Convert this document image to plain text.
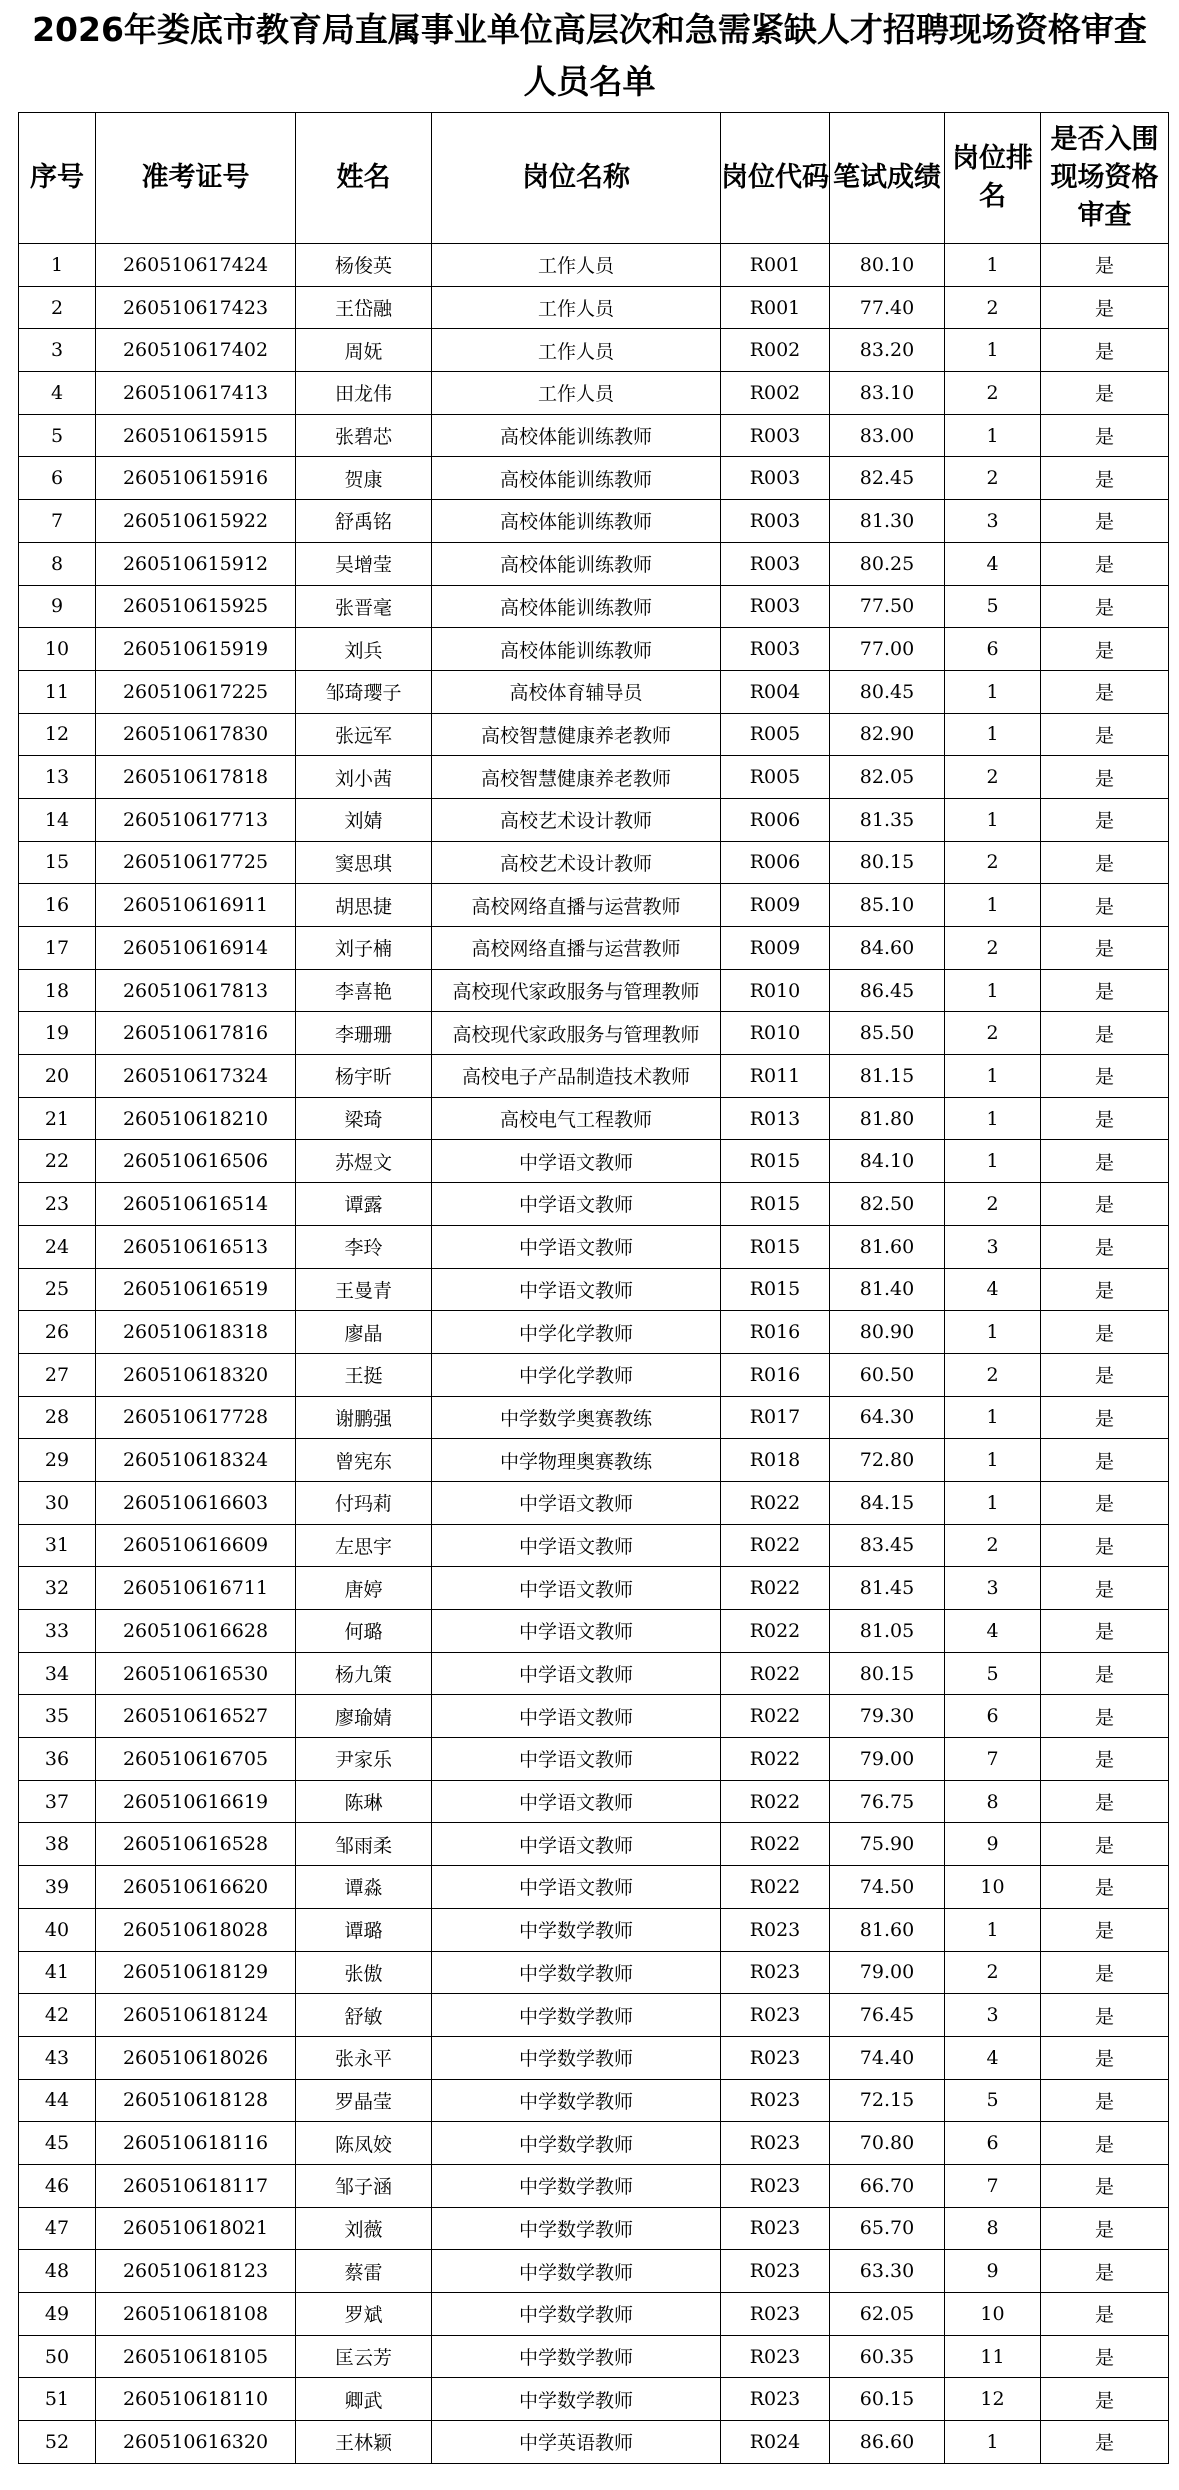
2026年娄底市教育局直属事业单位高层次和急需紧缺人才招聘现场资格审查
人员名单
序号	准考证号	姓名	岗位名称	岗位代码	笔试成绩	岗位排名	是否入围现场资格审查
1	260510617424	杨俊英	工作人员	R001	80.10	1	是
2	260510617423	王岱融	工作人员	R001	77.40	2	是
3	260510617402	周妩	工作人员	R002	83.20	1	是
4	260510617413	田龙伟	工作人员	R002	83.10	2	是
5	260510615915	张碧芯	高校体能训练教师	R003	83.00	1	是
6	260510615916	贺康	高校体能训练教师	R003	82.45	2	是
7	260510615922	舒禹铭	高校体能训练教师	R003	81.30	3	是
8	260510615912	吴增莹	高校体能训练教师	R003	80.25	4	是
9	260510615925	张晋毫	高校体能训练教师	R003	77.50	5	是
10	260510615919	刘兵	高校体能训练教师	R003	77.00	6	是
11	260510617225	邹琦璎子	高校体育辅导员	R004	80.45	1	是
12	260510617830	张远军	高校智慧健康养老教师	R005	82.90	1	是
13	260510617818	刘小茜	高校智慧健康养老教师	R005	82.05	2	是
14	260510617713	刘婧	高校艺术设计教师	R006	81.35	1	是
15	260510617725	窦思琪	高校艺术设计教师	R006	80.15	2	是
16	260510616911	胡思捷	高校网络直播与运营教师	R009	85.10	1	是
17	260510616914	刘子楠	高校网络直播与运营教师	R009	84.60	2	是
18	260510617813	李喜艳	高校现代家政服务与管理教师	R010	86.45	1	是
19	260510617816	李珊珊	高校现代家政服务与管理教师	R010	85.50	2	是
20	260510617324	杨宇昕	高校电子产品制造技术教师	R011	81.15	1	是
21	260510618210	梁琦	高校电气工程教师	R013	81.80	1	是
22	260510616506	苏煜文	中学语文教师	R015	84.10	1	是
23	260510616514	谭露	中学语文教师	R015	82.50	2	是
24	260510616513	李玲	中学语文教师	R015	81.60	3	是
25	260510616519	王曼青	中学语文教师	R015	81.40	4	是
26	260510618318	廖晶	中学化学教师	R016	80.90	1	是
27	260510618320	王挺	中学化学教师	R016	60.50	2	是
28	260510617728	谢鹏强	中学数学奥赛教练	R017	64.30	1	是
29	260510618324	曾宪东	中学物理奥赛教练	R018	72.80	1	是
30	260510616603	付玛莉	中学语文教师	R022	84.15	1	是
31	260510616609	左思宇	中学语文教师	R022	83.45	2	是
32	260510616711	唐婷	中学语文教师	R022	81.45	3	是
33	260510616628	何璐	中学语文教师	R022	81.05	4	是
34	260510616530	杨九策	中学语文教师	R022	80.15	5	是
35	260510616527	廖瑜婧	中学语文教师	R022	79.30	6	是
36	260510616705	尹家乐	中学语文教师	R022	79.00	7	是
37	260510616619	陈琳	中学语文教师	R022	76.75	8	是
38	260510616528	邹雨柔	中学语文教师	R022	75.90	9	是
39	260510616620	谭淼	中学语文教师	R022	74.50	10	是
40	260510618028	谭璐	中学数学教师	R023	81.60	1	是
41	260510618129	张傲	中学数学教师	R023	79.00	2	是
42	260510618124	舒敏	中学数学教师	R023	76.45	3	是
43	260510618026	张永平	中学数学教师	R023	74.40	4	是
44	260510618128	罗晶莹	中学数学教师	R023	72.15	5	是
45	260510618116	陈凤姣	中学数学教师	R023	70.80	6	是
46	260510618117	邹子涵	中学数学教师	R023	66.70	7	是
47	260510618021	刘薇	中学数学教师	R023	65.70	8	是
48	260510618123	蔡雷	中学数学教师	R023	63.30	9	是
49	260510618108	罗斌	中学数学教师	R023	62.05	10	是
50	260510618105	匡云芳	中学数学教师	R023	60.35	11	是
51	260510618110	卿武	中学数学教师	R023	60.15	12	是
52	260510616320	王林颖	中学英语教师	R024	86.60	1	是
